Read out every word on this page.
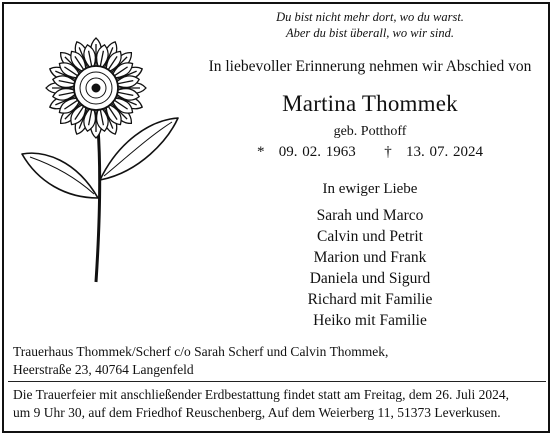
Du bist nicht mehr dort, wo du warst.
Aber du bist überall, wo wir sind.
In liebevoller Erinnerung nehmen wir Abschied von
Martina Thommek
geb. Potthoff
* 09. 02. 1963 † 13. 07. 2024
In ewiger Liebe
Sarah und Marco
Calvin und Petrit
Marion und Frank
Daniela und Sigurd
Richard mit Familie
Heiko mit Familie
Trauerhaus Thommek/Scherf c/o Sarah Scherf und Calvin Thommek,
Heerstraße 23, 40764 Langenfeld
Die Trauerfeier mit anschließender Erdbestattung findet statt am Freitag, dem 26. Juli 2024,
um 9 Uhr 30, auf dem Friedhof Reuschenberg, Auf dem Weierberg 11, 51373 Leverkusen.
